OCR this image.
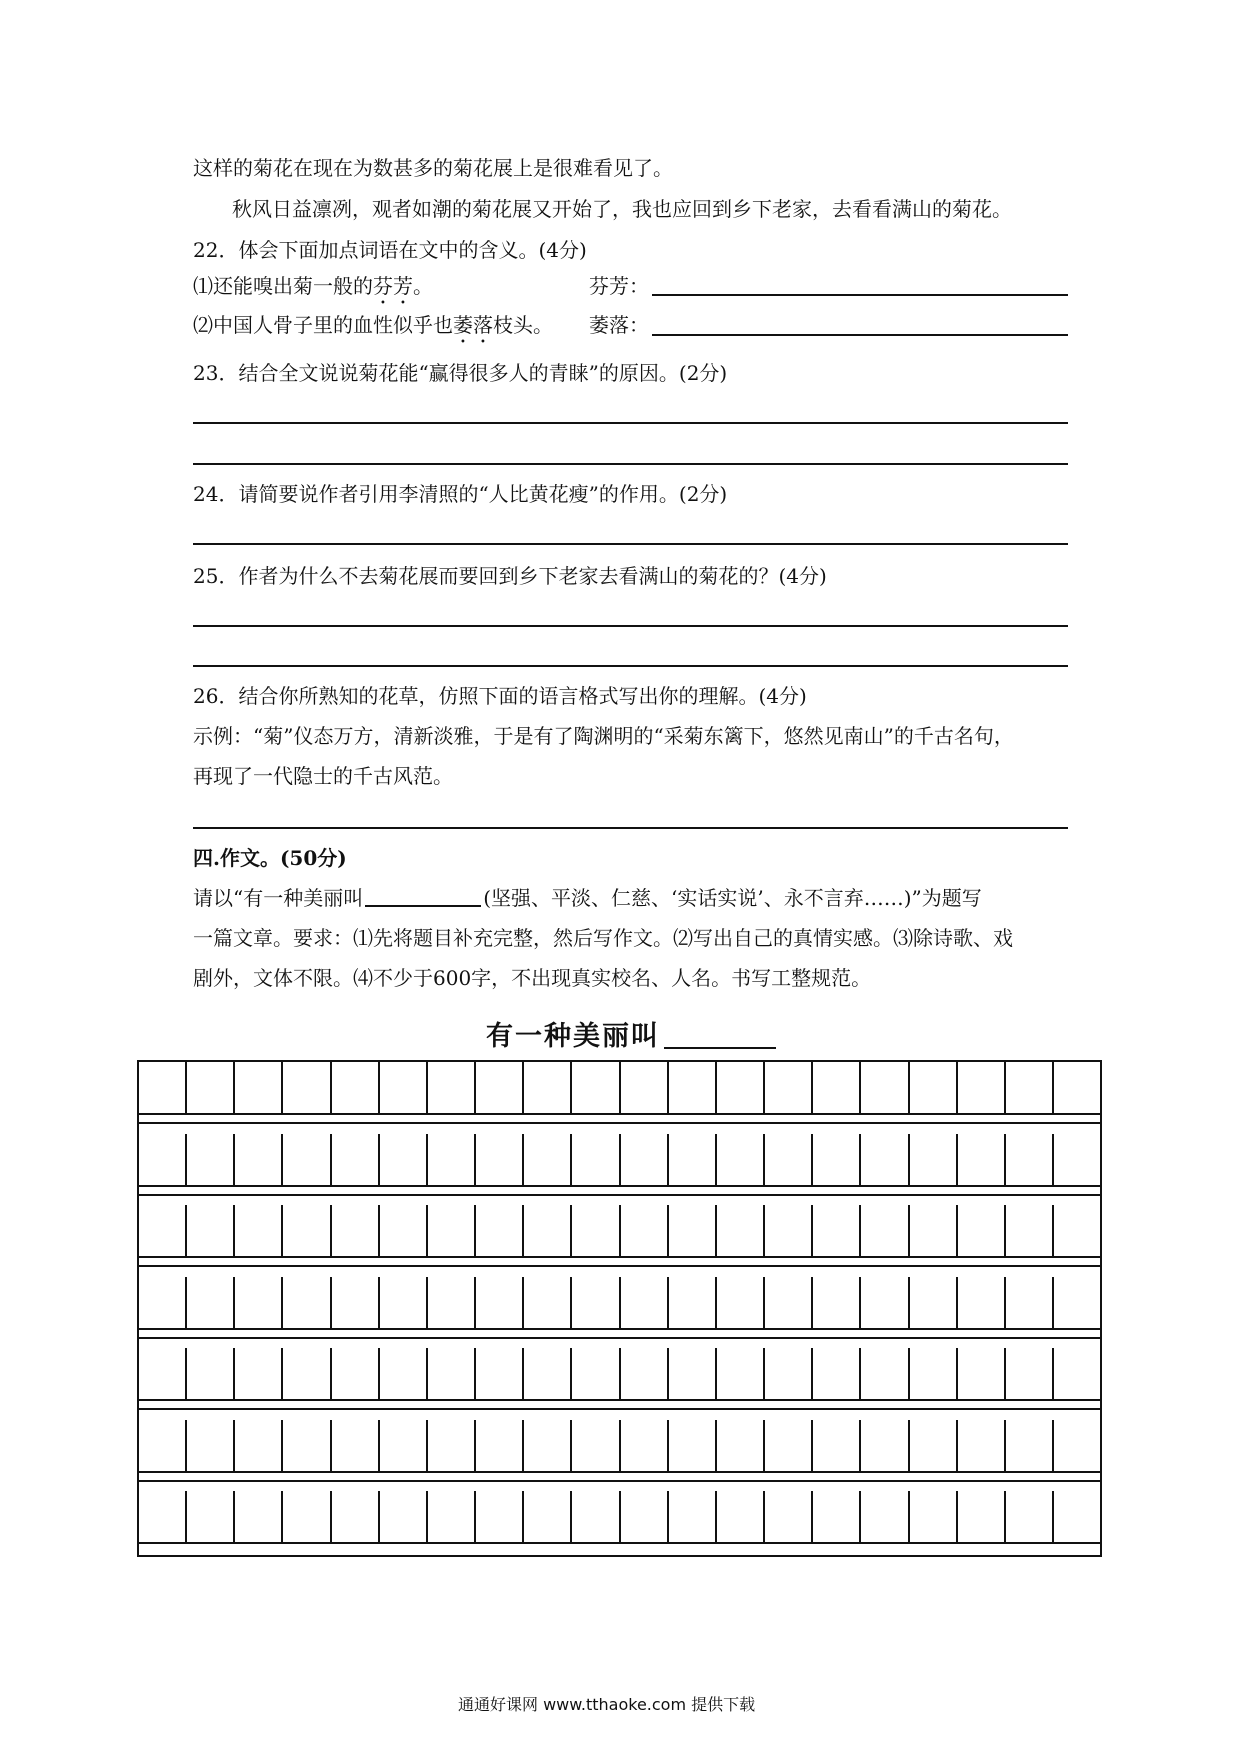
这样的菊花在现在为数甚多的菊花展上是很难看见了。
秋风日益凛冽，观者如潮的菊花展又开始了，我也应回到乡下老家，去看看满山的菊花。
22．体会下面加点词语在文中的含义。(4分)
⑴还能嗅出菊一般的芬芳。	芬芳：
⑵中国人骨子里的血性似乎也萎落枝头。 萎落：
23．结合全文说说菊花能“赢得很多人的青睐”的原因。(2分)
24．请简要说作者引用李清照的“人比黄花瘦”的作用。(2分)
25．作者为什么不去菊花展而要回到乡下老家去看满山的菊花的？(4分)
26．结合你所熟知的花草，仿照下面的语言格式写出你的理解。(4分)
示例：“菊”仪态万方，清新淡雅，于是有了陶渊明的“采菊东篱下，悠然见南山”的千古名句，
再现了一代隐士的千古风范。
四.作文。(50分)
请以“有一种美丽叫	(坚强、平淡、仁慈、‘实话实说’、永不言弃……)”为题写
一篇文章。要求：⑴先将题目补充完整，然后写作文。⑵写出自己的真情实感。⑶除诗歌、戏
剧外，文体不限。⑷不少于600字，不出现真实校名、人名。书写工整规范。
有一种美丽叫
通通好课网 www.tthaoke.com 提供下载
